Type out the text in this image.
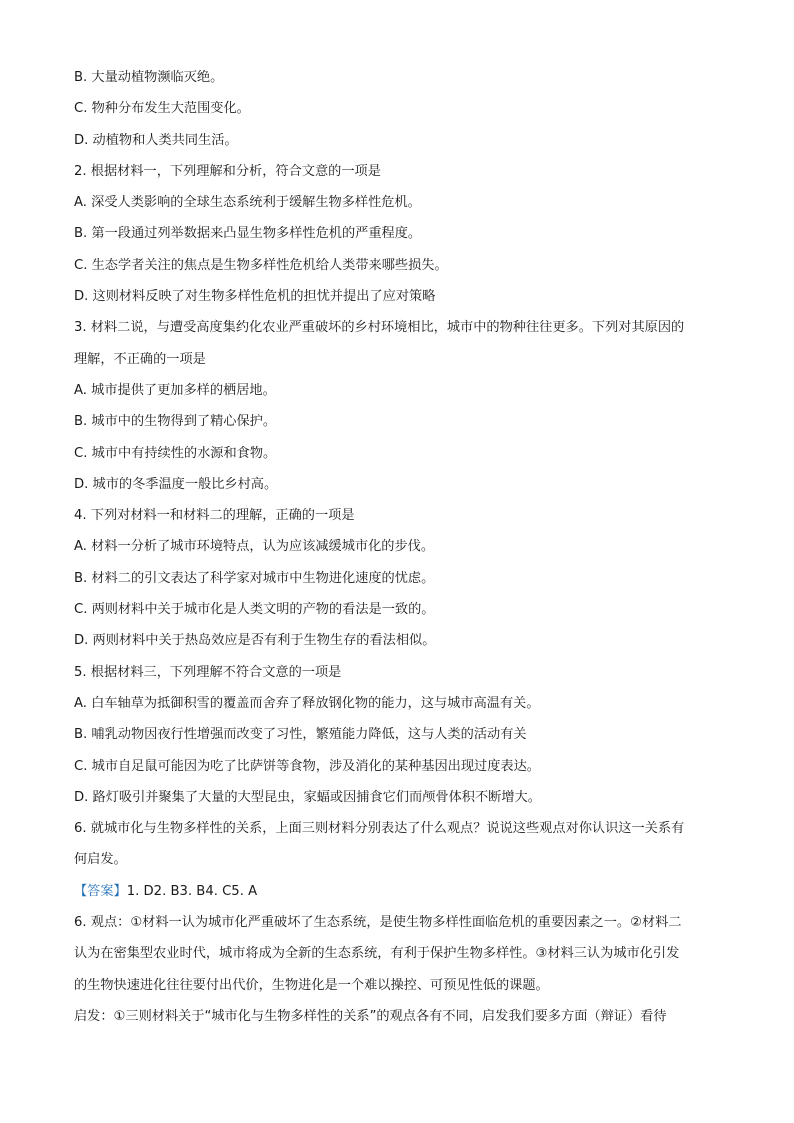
B. 大量动植物濒临灭绝。

C. 物种分布发生大范围变化。

D. 动植物和人类共同生活。

2. 根据材料一，下列理解和分析，符合文意的一项是

A. 深受人类影响的全球生态系统利于缓解生物多样性危机。

B. 第一段通过列举数据来凸显生物多样性危机的严重程度。

C. 生态学者关注的焦点是生物多样性危机给人类带来哪些损失。

D. 这则材料反映了对生物多样性危机的担忧并提出了应对策略

3. 材料二说，与遭受高度集约化农业严重破坏的乡村环境相比，城市中的物种往往更多。下列对其原因的

理解，不正确的一项是

A. 城市提供了更加多样的栖居地。

B. 城市中的生物得到了精心保护。

C. 城市中有持续性的水源和食物。

D. 城市的冬季温度一般比乡村高。

4. 下列对材料一和材料二的理解，正确的一项是

A. 材料一分析了城市环境特点，认为应该减缓城市化的步伐。

B. 材料二的引文表达了科学家对城市中生物进化速度的忧虑。

C. 两则材料中关于城市化是人类文明的产物的看法是一致的。

D. 两则材料中关于热岛效应是否有利于生物生存的看法相似。

5. 根据材料三，下列理解不符合文意的一项是

A. 白车轴草为抵御积雪的覆盖而舍弃了释放钢化物的能力，这与城市高温有关。

B. 哺乳动物因夜行性增强而改变了习性，繁殖能力降低，这与人类的活动有关

C. 城市自足鼠可能因为吃了比萨饼等食物，涉及消化的某种基因出现过度表达。

D. 路灯吸引并聚集了大量的大型昆虫，家蝠或因捕食它们而颅骨体积不断增大。

6. 就城市化与生物多样性的关系，上面三则材料分别表达了什么观点？说说这些观点对你认识这一关系有

何启发。

【答案】1. D2. B3. B4. C5. A

6. 观点：①材料一认为城市化严重破坏了生态系统，是使生物多样性面临危机的重要因素之一。②材料二

认为在密集型农业时代，城市将成为全新的生态系统，有利于保护生物多样性。③材料三认为城市化引发

的生物快速进化往往要付出代价，生物进化是一个难以操控、可预见性低的课题。

启发：①三则材料关于“城市化与生物多样性的关系”的观点各有不同，启发我们要多方面（辩证）看待
